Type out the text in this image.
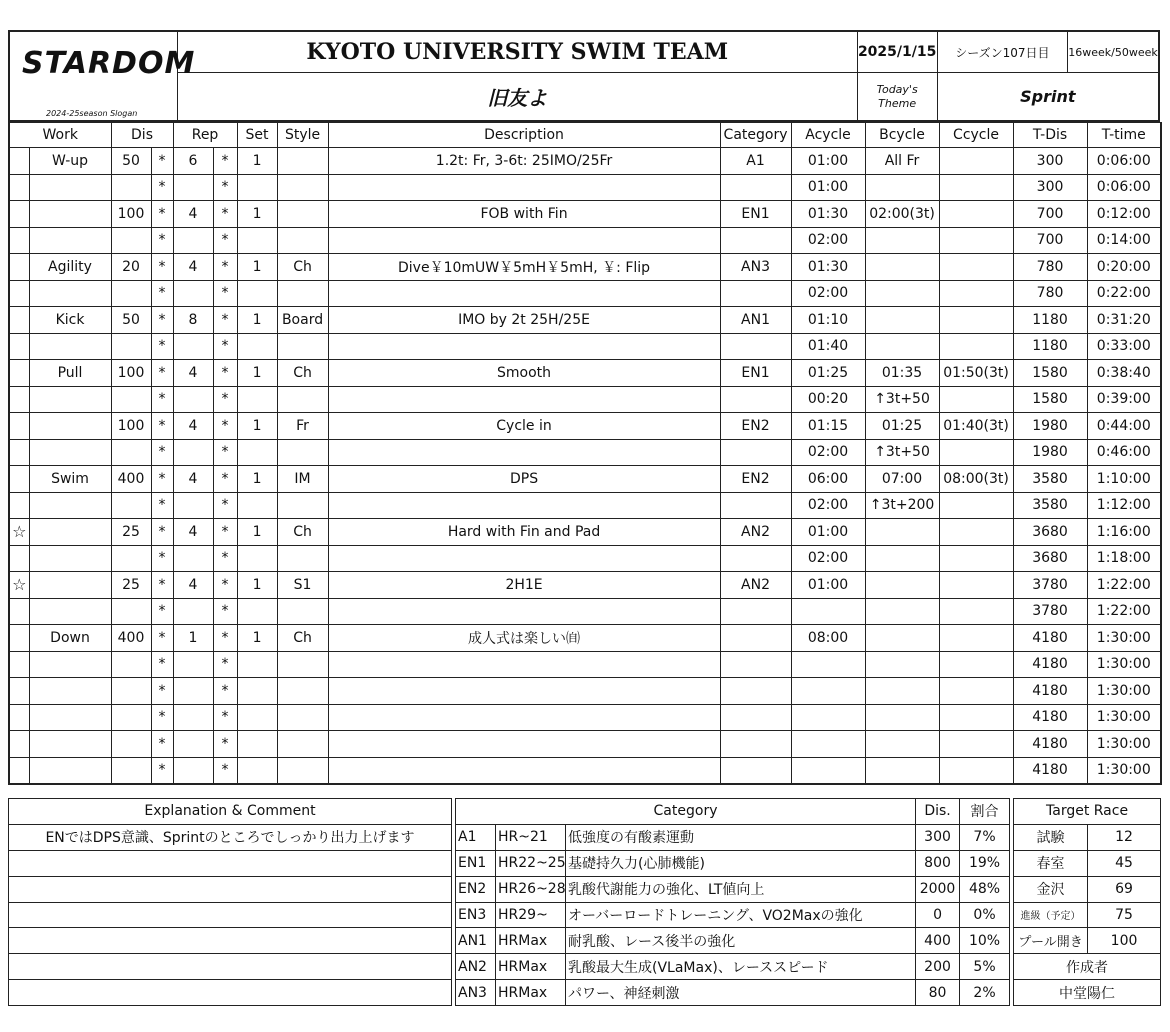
STARDOM
2024-25season Slogan	KYOTO UNIVERSITY SWIM TEAM	2025/1/15	シーズン107日目	16week/50week
	旧友よ	Today's Theme	Sprint	
Work		Dis		Rep		Set	Style	Description	Category	Acycle	Bcycle	Ccycle	T-Dis	T-time
	W-up	50	*	6	*	1		1.2t: Fr, 3-6t: 25IMO/25Fr	A1	01:00	All Fr		300	0:06:00
			*		*					01:00			300	0:06:00
		100	*	4	*	1		FOB with Fin	EN1	01:30	02:00(3t)		700	0:12:00
			*		*					02:00			700	0:14:00
	Agility	20	*	4	*	1	Ch	Dive￥10mUW￥5mH￥5mH, ￥: Flip	AN3	01:30			780	0:20:00
			*		*					02:00			780	0:22:00
	Kick	50	*	8	*	1	Board	IMO by 2t 25H/25E	AN1	01:10			1180	0:31:20
			*		*					01:40			1180	0:33:00
	Pull	100	*	4	*	1	Ch	Smooth	EN1	01:25	01:35	01:50(3t)	1580	0:38:40
			*		*					00:20	↑3t+50		1580	0:39:00
		100	*	4	*	1	Fr	Cycle in	EN2	01:15	01:25	01:40(3t)	1980	0:44:00
			*		*					02:00	↑3t+50		1980	0:46:00
	Swim	400	*	4	*	1	IM	DPS	EN2	06:00	07:00	08:00(3t)	3580	1:10:00
			*		*					02:00	↑3t+200		3580	1:12:00
☆		25	*	4	*	1	Ch	Hard with Fin and Pad	AN2	01:00			3680	1:16:00
			*		*					02:00			3680	1:18:00
☆		25	*	4	*	1	S1	2H1E	AN2	01:00			3780	1:22:00
			*		*								3780	1:22:00
	Down	400	*	1	*	1	Ch	成人式は楽しい㉂		08:00			4180	1:30:00
			*		*								4180	1:30:00
			*		*								4180	1:30:00
			*		*								4180	1:30:00
			*		*								4180	1:30:00
			*		*								4180	1:30:00
Explanation & Comment		Category			Dis.	割合		Target Race	
ENではDPS意識、Sprintのところでしっかり出力上げます		A1	HR~21	低強度の有酸素運動	300	7%		試験	12
		EN1	HR22~25	基礎持久力(心肺機能)	800	19%		春室	45
		EN2	HR26~28	乳酸代謝能力の強化、LT値向上	2000	48%		金沢	69
		EN3	HR29~	オーバーロードトレーニング、VO2Maxの強化	0	0%		進級（予定）	75
		AN1	HRMax	耐乳酸、レース後半の強化	400	10%		プール開き	100
		AN2	HRMax	乳酸最大生成(VLaMax)、レーススピード	200	5%		作成者	
		AN3	HRMax	パワー、神経刺激	80	2%		中堂陽仁	
